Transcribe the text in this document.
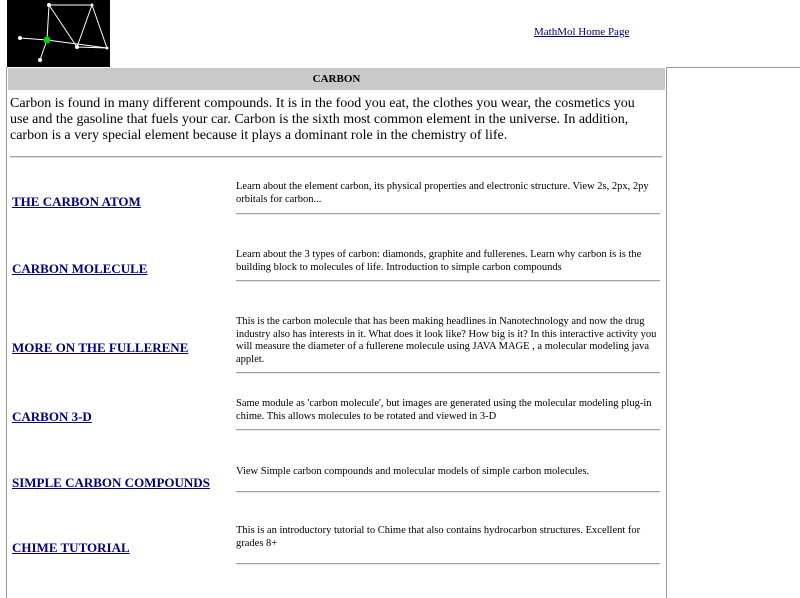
MathMol Home Page
CARBON
Carbon is found in many different compounds. It is in the food you eat, the clothes you wear, the cosmetics you use and the gasoline that fuels your car. Carbon is the sixth most common element in the universe. In addition, carbon is a very special element because it plays a dominant role in the chemistry of life.
THE CARBON ATOM
Learn about the element carbon, its physical properties and electronic structure. View 2s, 2px, 2py orbitals for carbon...
CARBON MOLECULE
Learn about the 3 types of carbon: diamonds, graphite and fullerenes. Learn why carbon is is the building block to molecules of life. Introduction to simple carbon compounds
MORE ON THE FULLERENE
This is the carbon molecule that has been making headlines in Nanotechnology and now the drug industry also has interests in it. What does it look like? How big is it? In this interactive activity you will measure the diameter of a fullerene molecule using JAVA MAGE , a molecular modeling java applet.
CARBON 3-D
Same module as 'carbon molecule', but images are generated using the molecular modeling plug-in chime. This allows molecules to be rotated and viewed in 3-D
SIMPLE CARBON COMPOUNDS
View Simple carbon compounds and molecular models of simple carbon molecules.
CHIME TUTORIAL
This is an introductory tutorial to Chime that also contains hydrocarbon structures. Excellent for grades 8+
